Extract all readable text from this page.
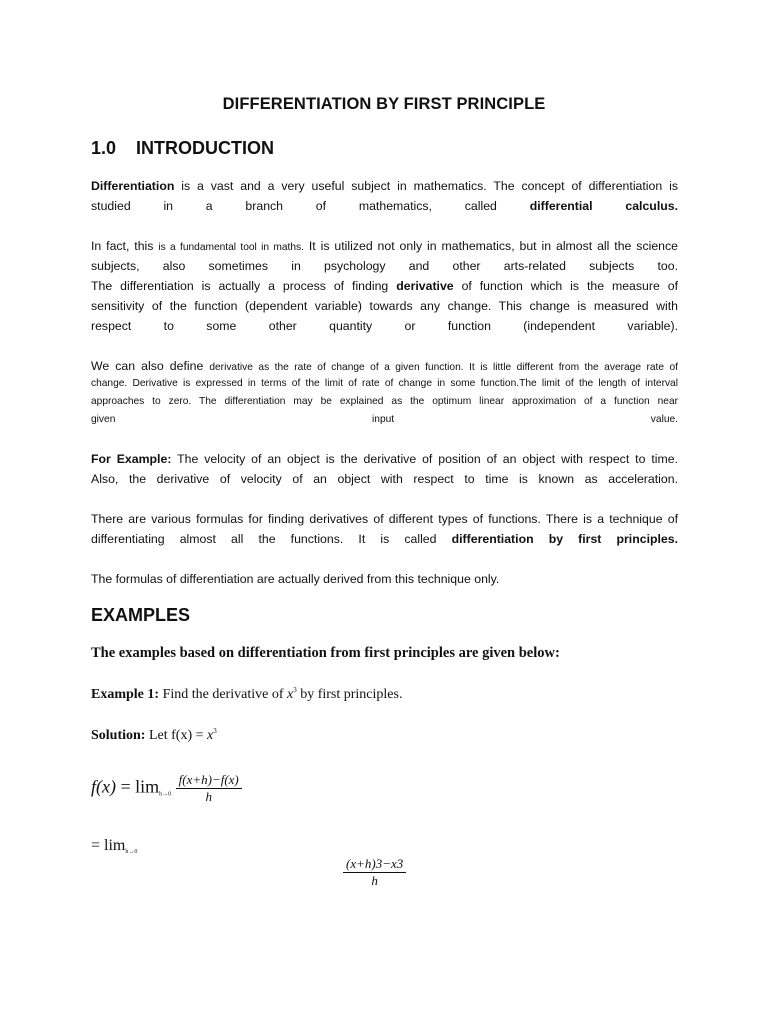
DIFFERENTIATION BY FIRST PRINCIPLE
1.0 INTRODUCTION
Differentiation is a vast and a very useful subject in mathematics. The concept of differentiation is
studied in a branch of mathematics, called	differential	calculus.
In fact, this is a fundamental tool in maths. It is utilized not only in mathematics, but in almost all the science
subjects, also sometimes in psychology and other arts-related subjects too.
The differentiation is actually a process of finding derivative of function which is the measure of
sensitivity of the function (dependent variable) towards any change. This change is measured with
respect to some other quantity or function (independent variable).
We can also define derivative as the rate of change of a given function. It is little different from the average rate of
change. Derivative is expressed in terms of the limit of rate of change in some function.The limit of the length of interval
approaches to zero. The differentiation may be explained as the optimum linear approximation of a function near
given input value.
For Example: The velocity of an object is the derivative of position of an object with respect to time.
Also, the derivative of velocity of an object with respect to time is known as acceleration.
There are various formulas for finding derivatives of different types of functions. There is a technique of
differentiating almost all the functions. It is called differentiation by first principles.
The formulas of differentiation are actually derived from this technique only.
EXAMPLES
The examples based on differentiation from first principles are given below:
Example 1: Find the derivative of $x^3$ by first principles.
Solution: Let $f(x) = x^3$
$f(x) = \lim_{h\to 0} \frac{f(x+h)-f(x)}{h}$
= $\lim_{h\to 0}$
$\frac{(x+h)3-x3}{h}$
